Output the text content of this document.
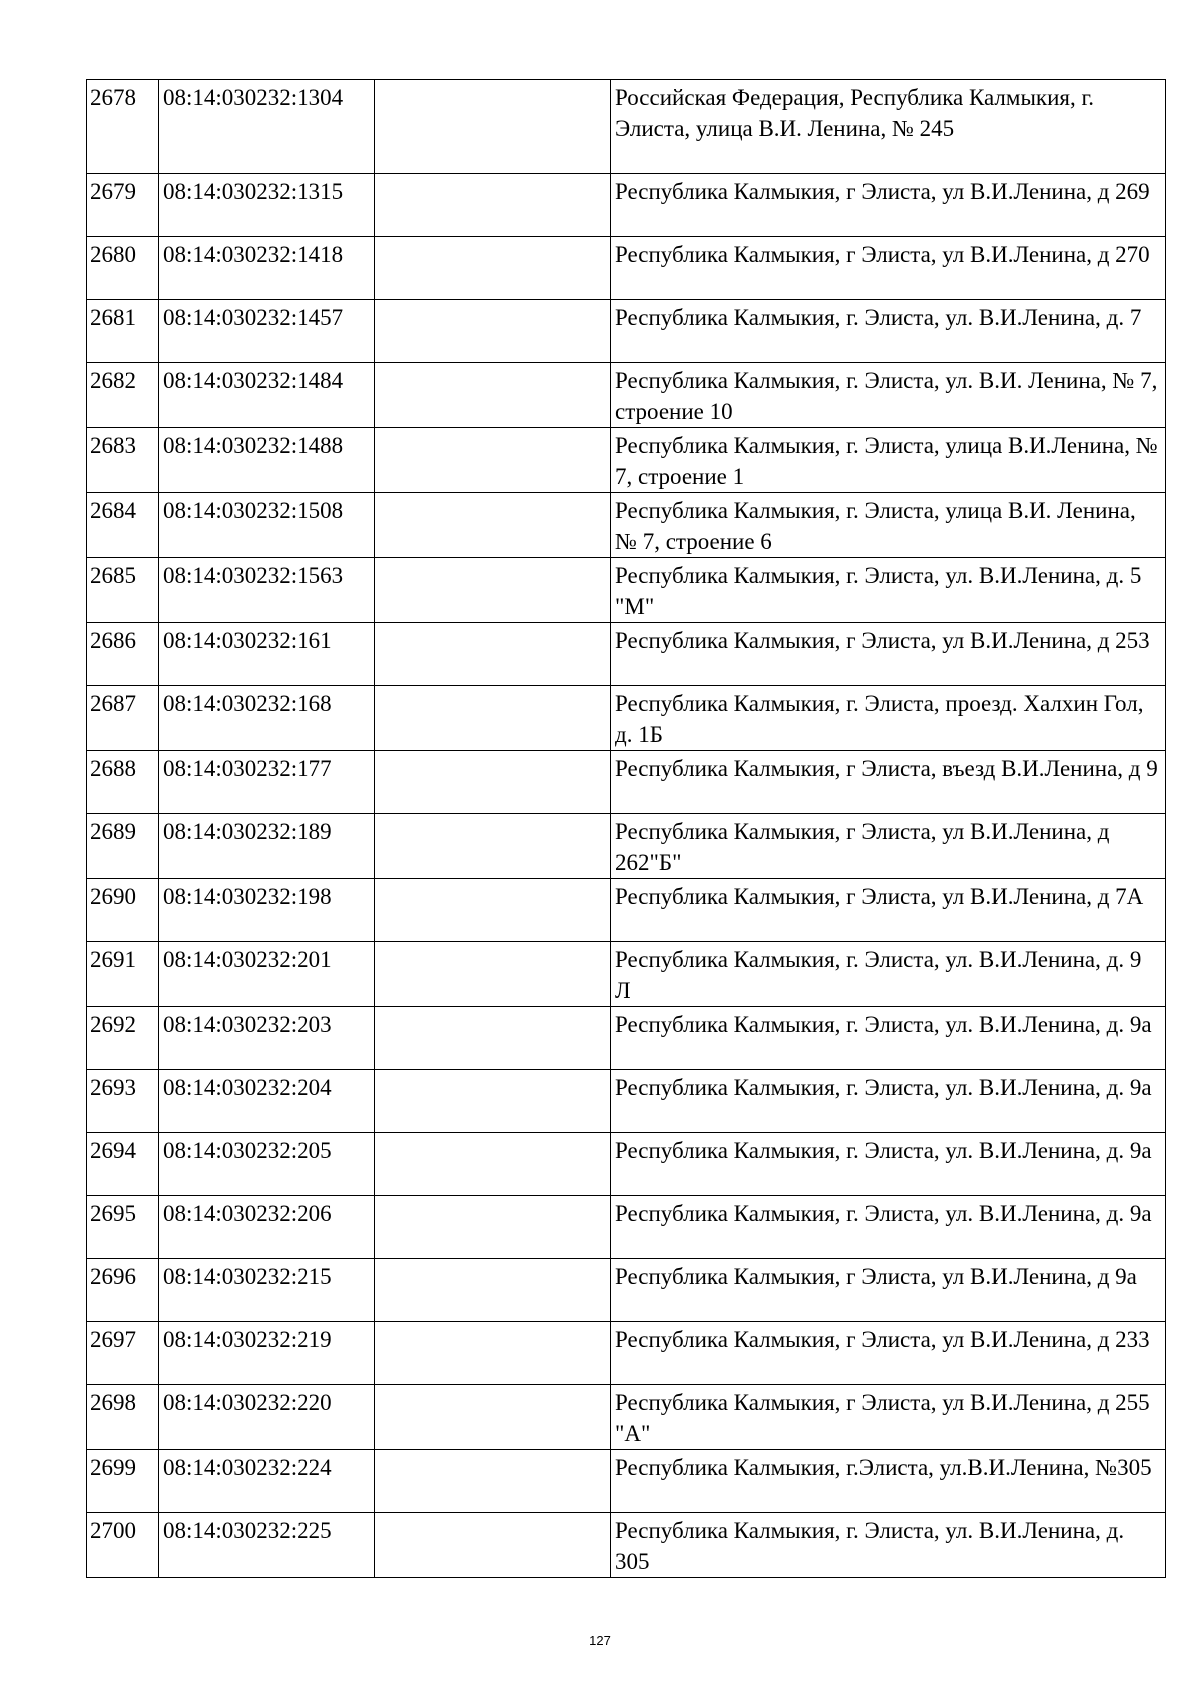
2678	08:14:030232:1304		Российская Федерация, Республика Калмыкия, г. Элиста, улица В.И. Ленина, № 245
2679	08:14:030232:1315		Республика Калмыкия, г Элиста, ул В.И.Ленина, д 269
2680	08:14:030232:1418		Республика Калмыкия, г Элиста, ул В.И.Ленина, д 270
2681	08:14:030232:1457		Республика Калмыкия, г. Элиста, ул. В.И.Ленина, д. 7
2682	08:14:030232:1484		Республика Калмыкия, г. Элиста, ул. В.И. Ленина, № 7, строение 10
2683	08:14:030232:1488		Республика Калмыкия, г. Элиста, улица В.И.Ленина, № 7, строение 1
2684	08:14:030232:1508		Республика Калмыкия, г. Элиста, улица В.И. Ленина, № 7, строение 6
2685	08:14:030232:1563		Республика Калмыкия, г. Элиста, ул. В.И.Ленина, д. 5 "М"
2686	08:14:030232:161		Республика Калмыкия, г Элиста, ул В.И.Ленина, д 253
2687	08:14:030232:168		Республика Калмыкия, г. Элиста, проезд. Халхин Гол, д. 1Б
2688	08:14:030232:177		Республика Калмыкия, г Элиста, въезд В.И.Ленина, д 9
2689	08:14:030232:189		Республика Калмыкия, г Элиста, ул В.И.Ленина, д 262"Б"
2690	08:14:030232:198		Республика Калмыкия, г Элиста, ул В.И.Ленина, д 7А
2691	08:14:030232:201		Республика Калмыкия, г. Элиста, ул. В.И.Ленина, д. 9 Л
2692	08:14:030232:203		Республика Калмыкия, г. Элиста, ул. В.И.Ленина, д. 9а
2693	08:14:030232:204		Республика Калмыкия, г. Элиста, ул. В.И.Ленина, д. 9а
2694	08:14:030232:205		Республика Калмыкия, г. Элиста, ул. В.И.Ленина, д. 9а
2695	08:14:030232:206		Республика Калмыкия, г. Элиста, ул. В.И.Ленина, д. 9а
2696	08:14:030232:215		Республика Калмыкия, г Элиста, ул В.И.Ленина, д 9а
2697	08:14:030232:219		Республика Калмыкия, г Элиста, ул В.И.Ленина, д 233
2698	08:14:030232:220		Республика Калмыкия, г Элиста, ул В.И.Ленина, д 255 "А"
2699	08:14:030232:224		Республика Калмыкия, г.Элиста, ул.В.И.Ленина, №305
2700	08:14:030232:225		Республика Калмыкия, г. Элиста, ул. В.И.Ленина, д. 305
127
